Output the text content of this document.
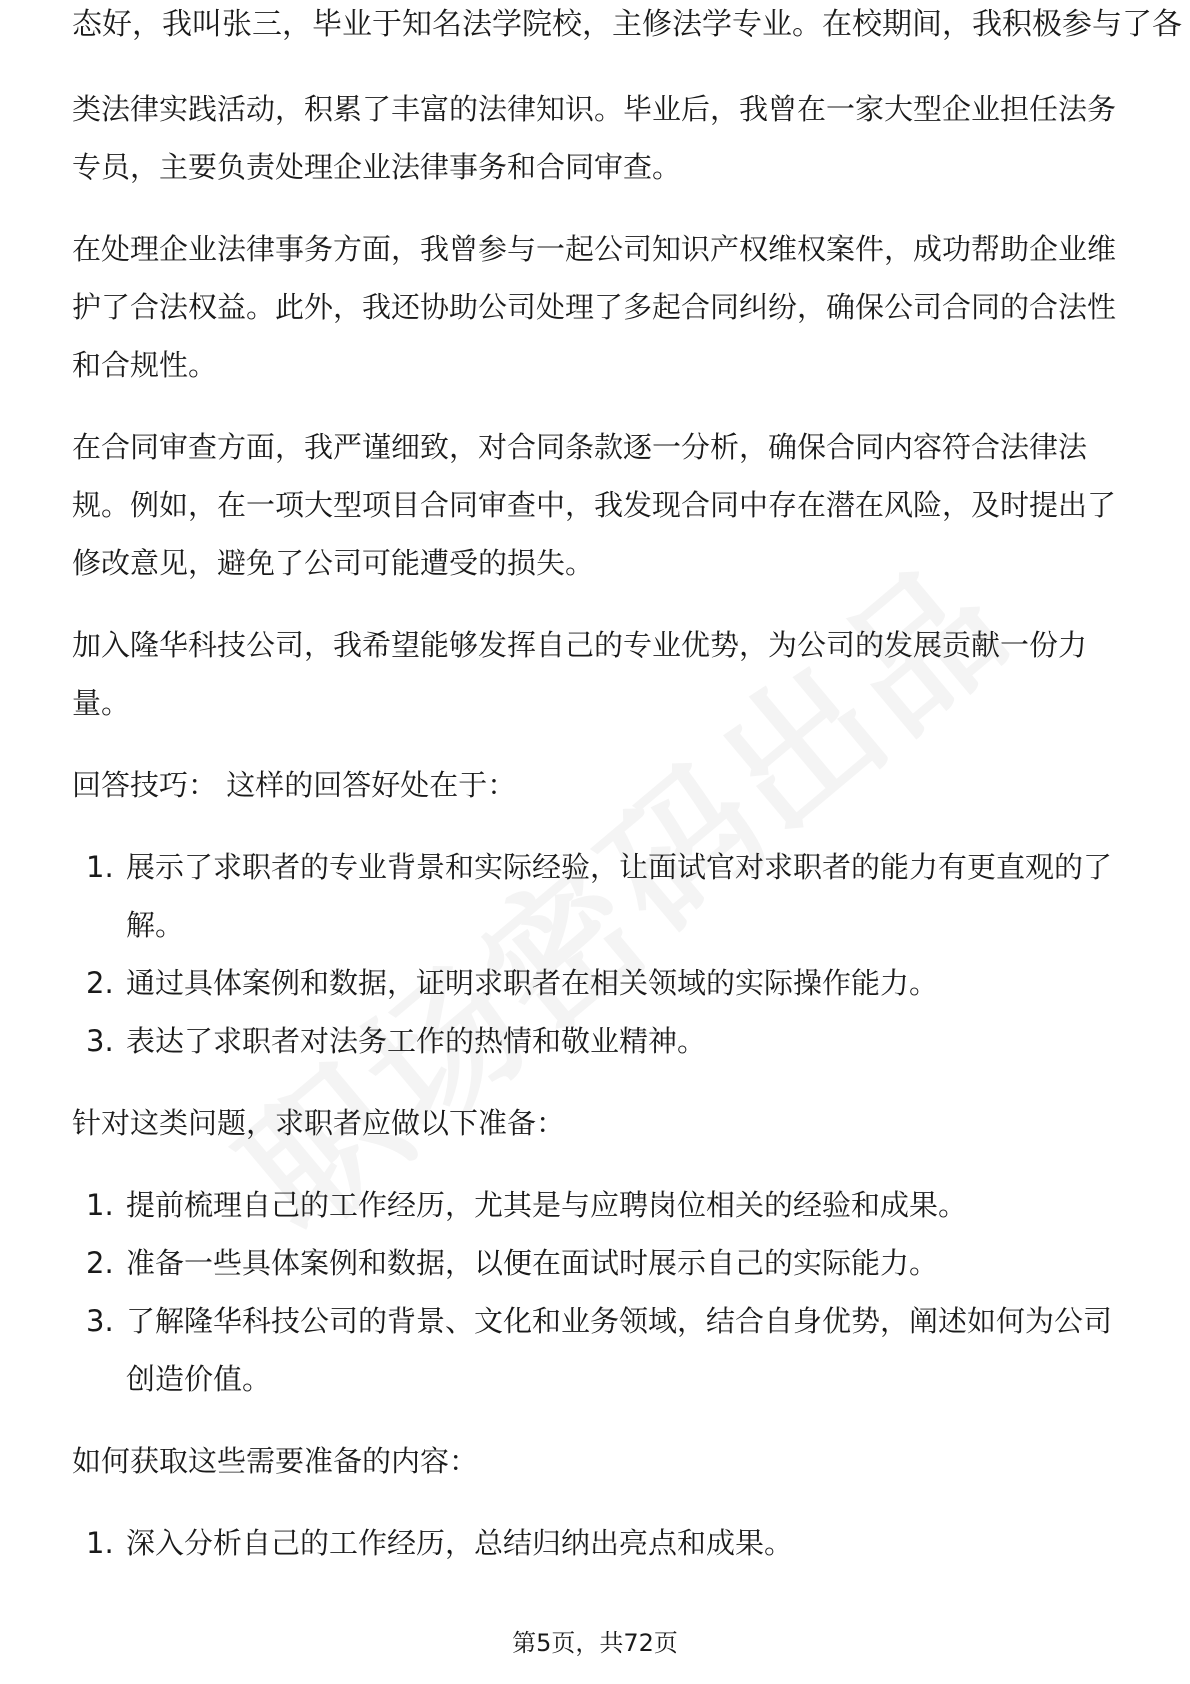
态好，我叫张三，毕业于知名法学院校，主修法学专业。在校期间，我积极参与了各

类法律实践活动，积累了丰富的法律知识。毕业后，我曾在一家大型企业担任法务专员，主要负责处理企业法律事务和合同审查。

在处理企业法律事务方面，我曾参与一起公司知识产权维权案件，成功帮助企业维护了合法权益。此外，我还协助公司处理了多起合同纠纷，确保公司合同的合法性和合规性。

在合同审查方面，我严谨细致，对合同条款逐一分析，确保合同内容符合法律法规。例如，在一项大型项目合同审查中，我发现合同中存在潜在风险，及时提出了修改意见，避免了公司可能遭受的损失。

加入隆华科技公司，我希望能够发挥自己的专业优势，为公司的发展贡献一份力量。

回答技巧： 这样的回答好处在于：

1. 展示了求职者的专业背景和实际经验，让面试官对求职者的能力有更直观的了解。
2. 通过具体案例和数据，证明求职者在相关领域的实际操作能力。
3. 表达了求职者对法务工作的热情和敬业精神。

针对这类问题，求职者应做以下准备：

1. 提前梳理自己的工作经历，尤其是与应聘岗位相关的经验和成果。
2. 准备一些具体案例和数据，以便在面试时展示自己的实际能力。
3. 了解隆华科技公司的背景、文化和业务领域，结合自身优势，阐述如何为公司创造价值。

如何获取这些需要准备的内容：

1. 深入分析自己的工作经历，总结归纳出亮点和成果。
第5页，共72页
